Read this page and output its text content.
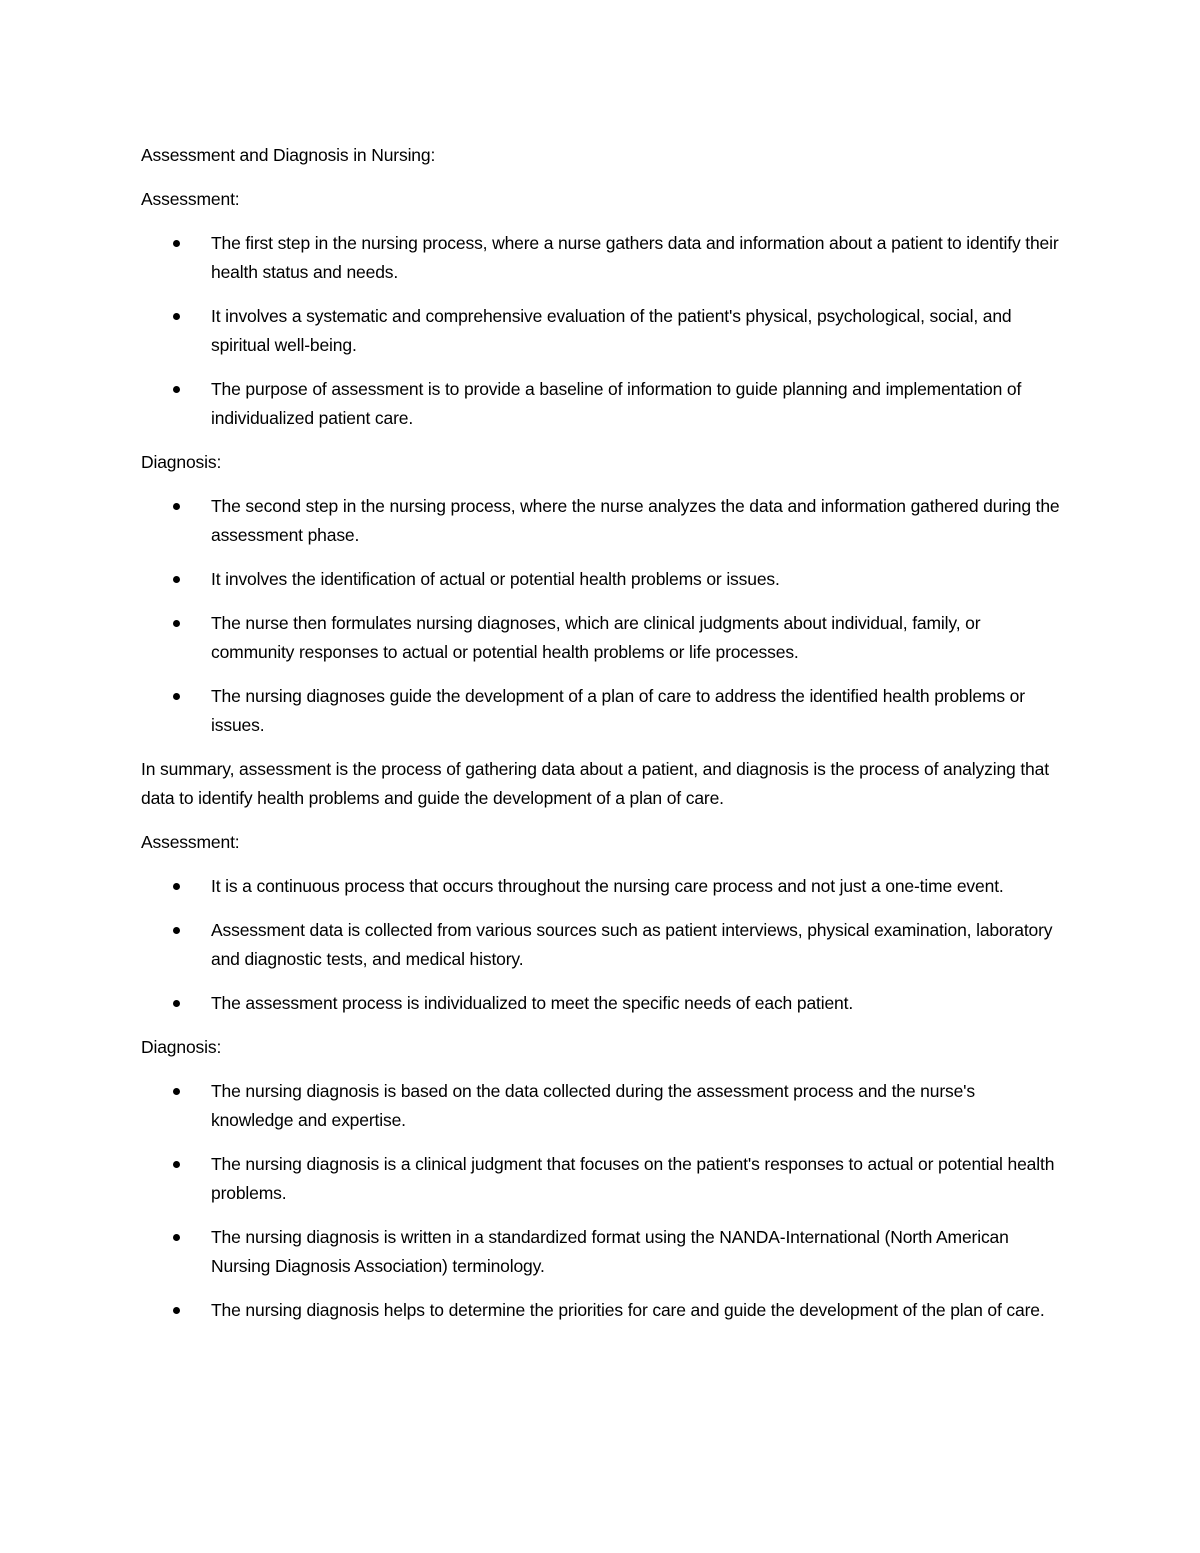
Assessment and Diagnosis in Nursing:

Assessment:

The first step in the nursing process, where a nurse gathers data and information about a patient to identify their health status and needs.
It involves a systematic and comprehensive evaluation of the patient's physical, psychological, social, and spiritual well-being.
The purpose of assessment is to provide a baseline of information to guide planning and implementation of individualized patient care.

Diagnosis:

The second step in the nursing process, where the nurse analyzes the data and information gathered during the assessment phase.
It involves the identification of actual or potential health problems or issues.
The nurse then formulates nursing diagnoses, which are clinical judgments about individual, family, or community responses to actual or potential health problems or life processes.
The nursing diagnoses guide the development of a plan of care to address the identified health problems or issues.

In summary, assessment is the process of gathering data about a patient, and diagnosis is the process of analyzing that data to identify health problems and guide the development of a plan of care.

Assessment:

It is a continuous process that occurs throughout the nursing care process and not just a one-time event.
Assessment data is collected from various sources such as patient interviews, physical examination, laboratory and diagnostic tests, and medical history.
The assessment process is individualized to meet the specific needs of each patient.

Diagnosis:

The nursing diagnosis is based on the data collected during the assessment process and the nurse's knowledge and expertise.
The nursing diagnosis is a clinical judgment that focuses on the patient's responses to actual or potential health problems.
The nursing diagnosis is written in a standardized format using the NANDA-International (North American Nursing Diagnosis Association) terminology.
The nursing diagnosis helps to determine the priorities for care and guide the development of the plan of care.
